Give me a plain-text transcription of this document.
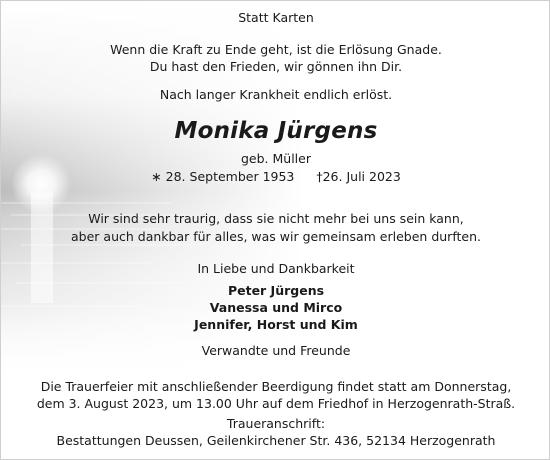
Statt Karten
Wenn die Kraft zu Ende geht, ist die Erlösung Gnade.
Du hast den Frieden, wir gönnen ihn Dir.
Nach langer Krankheit endlich erlöst.
Monika Jürgens
geb. Müller
∗ 28. September 1953 †26. Juli 2023
Wir sind sehr traurig, dass sie nicht mehr bei uns sein kann,
aber auch dankbar für alles, was wir gemeinsam erleben durften.
In Liebe und Dankbarkeit
Peter Jürgens
Vanessa und Mirco
Jennifer, Horst und Kim
Verwandte und Freunde
Die Trauerfeier mit anschließender Beerdigung findet statt am Donnerstag,
dem 3. August 2023, um 13.00 Uhr auf dem Friedhof in Herzogenrath-Straß.
Traueranschrift:
Bestattungen Deussen, Geilenkirchener Str. 436, 52134 Herzogenrath
